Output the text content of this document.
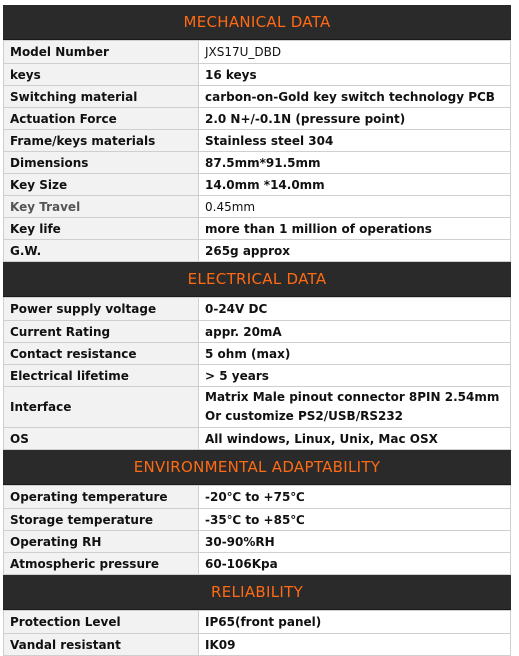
MECHANICAL DATA
Model Number	JXS17U_DBD
keys	16 keys
Switching material	carbon-on-Gold key switch technology PCB
Actuation Force	2.0 N+/-0.1N (pressure point)
Frame/keys materials	Stainless steel 304
Dimensions	87.5mm*91.5mm
Key Size	14.0mm *14.0mm
Key Travel	0.45mm
Key life	more than 1 million of operations
G.W.	265g approx
ELECTRICAL DATA
Power supply voltage	0-24V DC
Current Rating	appr. 20mA
Contact resistance	5 ohm (max)
Electrical lifetime	> 5 years
Interface	Matrix Male pinout connector 8PIN 2.54mm
Or customize PS2/USB/RS232

OS	All windows, Linux, Unix, Mac OSX
ENVIRONMENTAL ADAPTABILITY
Operating temperature	-20℃ to +75℃
Storage temperature	-35℃ to +85℃
Operating RH	30-90%RH
Atmospheric pressure	60-106Kpa
RELIABILITY
Protection Level	IP65(front panel)
Vandal resistant	IK09
